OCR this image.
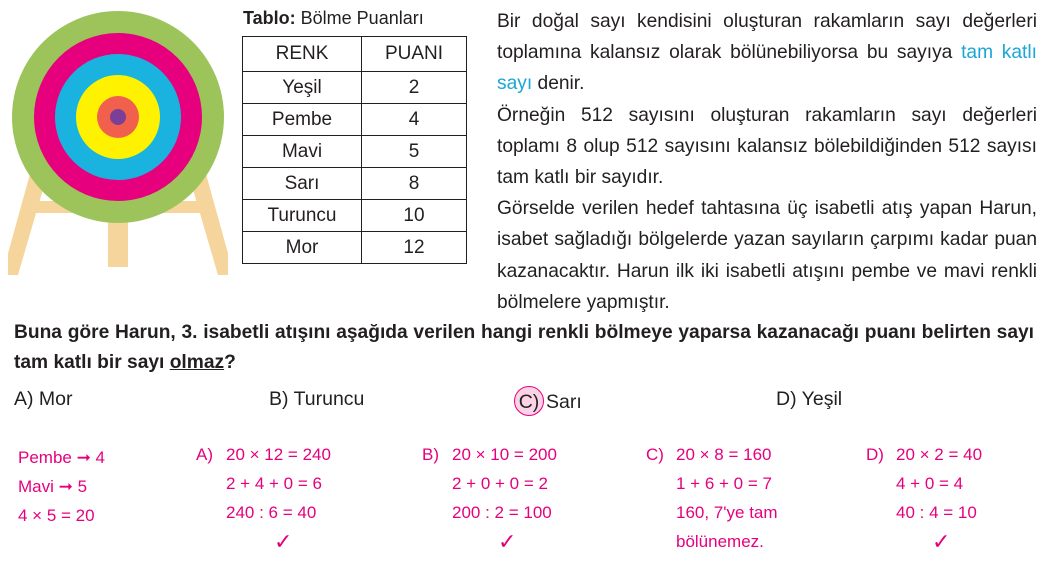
Tablo: Bölme Puanları
RENK	PUANI
Yeşil	2
Pembe	4
Mavi	5
Sarı	8
Turuncu	10
Mor	12

Bir doğal sayı kendisini oluşturan rakamların sayı değerleri toplamına kalansız olarak bölünebiliyorsa bu sayıya tam katlı sayı denir.

Örneğin 512 sayısını oluşturan rakamların sayı değerleri toplamı 8 olup 512 sayısını kalansız bölebildiğinden 512 sayısı tam katlı bir sayıdır.

Görselde verilen hedef tahtasına üç isabetli atış yapan Harun, isabet sağladığı bölgelerde yazan sayıların çarpımı kadar puan kazanacaktır. Harun ilk iki isabetli atışını pembe ve mavi renkli bölmelere yapmıştır.

Buna göre Harun, 3. isabetli atışını aşağıda verilen hangi renkli bölmeye yaparsa kazanacağı puanı belirten sayı tam katlı bir sayı olmaz?
A) Mor	B) Turuncu	C) Sarı	D) Yeşil
Pembe ➞ 4
Mavi ➞ 5
4 × 5 = 20
A) 20 × 12 = 240
2 + 4 + 0 = 6
240 : 6 = 40
✓
B) 20 × 10 = 200
2 + 0 + 0 = 2
200 : 2 = 100
✓
C) 20 × 8 = 160
1 + 6 + 0 = 7
160, 7'ye tam
bölünemez.
D) 20 × 2 = 40
4 + 0 = 4
40 : 4 = 10
✓
